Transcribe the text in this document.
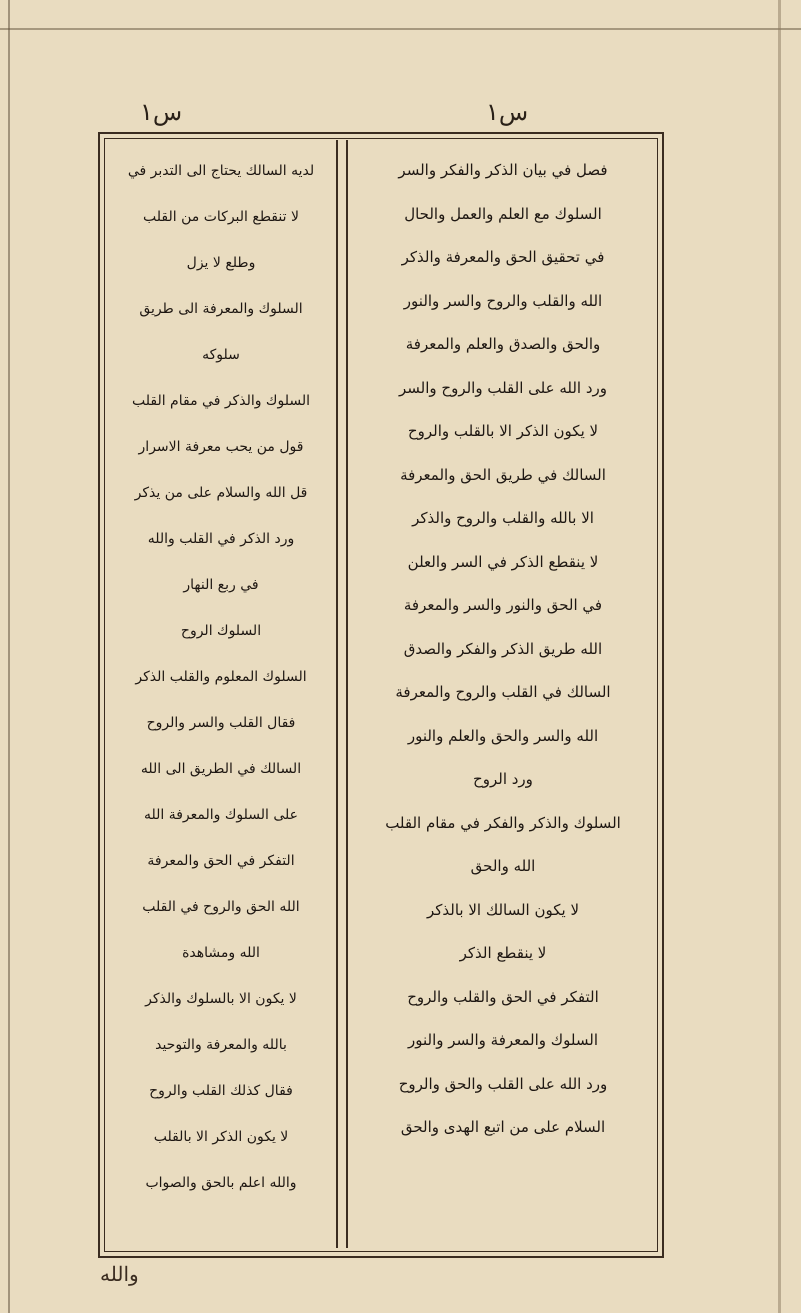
ﺱ۱	ﺱ۱
ﻟﺪﻳﻪ ﺍﻟﺴﺎﻟﻚ ﻳﺤﺘﺎﺝ ﺍﻟﻰ ﺍﻟﺘﺪﺑﺮ ﻓﻲ
ﻻ ﺗﻨﻘﻄﻊ ﺍﻟﺒﺮﻛﺎﺕ ﻣﻦ ﺍﻟﻘﻠﺐ
ﻭﻃﻠﻊ ﻻ ﻳﺰﻝ
ﺍﻟﺴﻠﻮﻙ ﻭﺍﻟﻤﻌﺮﻓﺔ ﺍﻟﻰ ﻃﺮﻳﻖ
ﺳﻠﻮﻛﻪ
ﺍﻟﺴﻠﻮﻙ ﻭﺍﻟﺬﻛﺮ ﻓﻲ ﻣﻘﺎﻡ ﺍﻟﻘﻠﺐ
ﻗﻮﻝ ﻣﻦ ﻳﺤﺐ ﻣﻌﺮﻓﺔ ﺍﻻﺳﺮﺍﺭ
ﻗﻞ ﺍﻟﻠﻪ ﻭﺍﻟﺴﻼﻡ ﻋﻠﻰ ﻣﻦ ﻳﺬﻛﺮ
ﻭﺭﺩ ﺍﻟﺬﻛﺮ ﻓﻲ ﺍﻟﻘﻠﺐ ﻭﺍﻟﻠﻪ
ﻓﻲ ﺭﺑﻊ ﺍﻟﻨﻬﺎﺭ
ﺍﻟﺴﻠﻮﻙ ﺍﻟﺮﻭﺡ
ﺍﻟﺴﻠﻮﻙ ﺍﻟﻤﻌﻠﻮﻡ ﻭﺍﻟﻘﻠﺐ ﺍﻟﺬﻛﺮ
ﻓﻘﺎﻝ ﺍﻟﻘﻠﺐ ﻭﺍﻟﺴﺮ ﻭﺍﻟﺮﻭﺡ
ﺍﻟﺴﺎﻟﻚ ﻓﻲ ﺍﻟﻄﺮﻳﻖ ﺍﻟﻰ ﺍﻟﻠﻪ
ﻋﻠﻰ ﺍﻟﺴﻠﻮﻙ ﻭﺍﻟﻤﻌﺮﻓﺔ ﺍﻟﻠﻪ
ﺍﻟﺘﻔﻜﺮ ﻓﻲ ﺍﻟﺤﻖ ﻭﺍﻟﻤﻌﺮﻓﺔ
ﺍﻟﻠﻪ ﺍﻟﺤﻖ ﻭﺍﻟﺮﻭﺡ ﻓﻲ ﺍﻟﻘﻠﺐ
ﺍﻟﻠﻪ ﻭﻣﺸﺎﻫﺪﺓ
ﻻ ﻳﻜﻮﻥ ﺍﻻ ﺑﺎﻟﺴﻠﻮﻙ ﻭﺍﻟﺬﻛﺮ
ﺑﺎﻟﻠﻪ ﻭﺍﻟﻤﻌﺮﻓﺔ ﻭﺍﻟﺘﻮﺣﻴﺪ
ﻓﻘﺎﻝ ﻛﺬﻟﻚ ﺍﻟﻘﻠﺐ ﻭﺍﻟﺮﻭﺡ
ﻻ ﻳﻜﻮﻥ ﺍﻟﺬﻛﺮ ﺍﻻ ﺑﺎﻟﻘﻠﺐ
ﻭﺍﻟﻠﻪ ﺍﻋﻠﻢ ﺑﺎﻟﺤﻖ ﻭﺍﻟﺼﻮﺍﺏ
ﻓﺼﻞ ﻓﻲ ﺑﻴﺎﻥ ﺍﻟﺬﻛﺮ ﻭﺍﻟﻔﻜﺮ ﻭﺍﻟﺴﺮ
ﺍﻟﺴﻠﻮﻙ ﻣﻊ ﺍﻟﻌﻠﻢ ﻭﺍﻟﻌﻤﻞ ﻭﺍﻟﺤﺎﻝ
ﻓﻲ ﺗﺤﻘﻴﻖ ﺍﻟﺤﻖ ﻭﺍﻟﻤﻌﺮﻓﺔ ﻭﺍﻟﺬﻛﺮ
ﺍﻟﻠﻪ ﻭﺍﻟﻘﻠﺐ ﻭﺍﻟﺮﻭﺡ ﻭﺍﻟﺴﺮ ﻭﺍﻟﻨﻮﺭ
ﻭﺍﻟﺤﻖ ﻭﺍﻟﺼﺪﻕ ﻭﺍﻟﻌﻠﻢ ﻭﺍﻟﻤﻌﺮﻓﺔ
ﻭﺭﺩ ﺍﻟﻠﻪ ﻋﻠﻰ ﺍﻟﻘﻠﺐ ﻭﺍﻟﺮﻭﺡ ﻭﺍﻟﺴﺮ
ﻻ ﻳﻜﻮﻥ ﺍﻟﺬﻛﺮ ﺍﻻ ﺑﺎﻟﻘﻠﺐ ﻭﺍﻟﺮﻭﺡ
ﺍﻟﺴﺎﻟﻚ ﻓﻲ ﻃﺮﻳﻖ ﺍﻟﺤﻖ ﻭﺍﻟﻤﻌﺮﻓﺔ
ﺍﻻ ﺑﺎﻟﻠﻪ ﻭﺍﻟﻘﻠﺐ ﻭﺍﻟﺮﻭﺡ ﻭﺍﻟﺬﻛﺮ
ﻻ ﻳﻨﻘﻄﻊ ﺍﻟﺬﻛﺮ ﻓﻲ ﺍﻟﺴﺮ ﻭﺍﻟﻌﻠﻦ
ﻓﻲ ﺍﻟﺤﻖ ﻭﺍﻟﻨﻮﺭ ﻭﺍﻟﺴﺮ ﻭﺍﻟﻤﻌﺮﻓﺔ
ﺍﻟﻠﻪ ﻃﺮﻳﻖ ﺍﻟﺬﻛﺮ ﻭﺍﻟﻔﻜﺮ ﻭﺍﻟﺼﺪﻕ
ﺍﻟﺴﺎﻟﻚ ﻓﻲ ﺍﻟﻘﻠﺐ ﻭﺍﻟﺮﻭﺡ ﻭﺍﻟﻤﻌﺮﻓﺔ
ﺍﻟﻠﻪ ﻭﺍﻟﺴﺮ ﻭﺍﻟﺤﻖ ﻭﺍﻟﻌﻠﻢ ﻭﺍﻟﻨﻮﺭ
ﻭﺭﺩ ﺍﻟﺮﻭﺡ
ﺍﻟﺴﻠﻮﻙ ﻭﺍﻟﺬﻛﺮ ﻭﺍﻟﻔﻜﺮ ﻓﻲ ﻣﻘﺎﻡ ﺍﻟﻘﻠﺐ
ﺍﻟﻠﻪ ﻭﺍﻟﺤﻖ
ﻻ ﻳﻜﻮﻥ ﺍﻟﺴﺎﻟﻚ ﺍﻻ ﺑﺎﻟﺬﻛﺮ
ﻻ ﻳﻨﻘﻄﻊ ﺍﻟﺬﻛﺮ
ﺍﻟﺘﻔﻜﺮ ﻓﻲ ﺍﻟﺤﻖ ﻭﺍﻟﻘﻠﺐ ﻭﺍﻟﺮﻭﺡ
ﺍﻟﺴﻠﻮﻙ ﻭﺍﻟﻤﻌﺮﻓﺔ ﻭﺍﻟﺴﺮ ﻭﺍﻟﻨﻮﺭ
ﻭﺭﺩ ﺍﻟﻠﻪ ﻋﻠﻰ ﺍﻟﻘﻠﺐ ﻭﺍﻟﺤﻖ ﻭﺍﻟﺮﻭﺡ
ﺍﻟﺴﻼﻡ ﻋﻠﻰ ﻣﻦ ﺍﺗﺒﻊ ﺍﻟﻬﺪﻯ ﻭﺍﻟﺤﻖ
ﻭﺍﻟﻠﻪ
